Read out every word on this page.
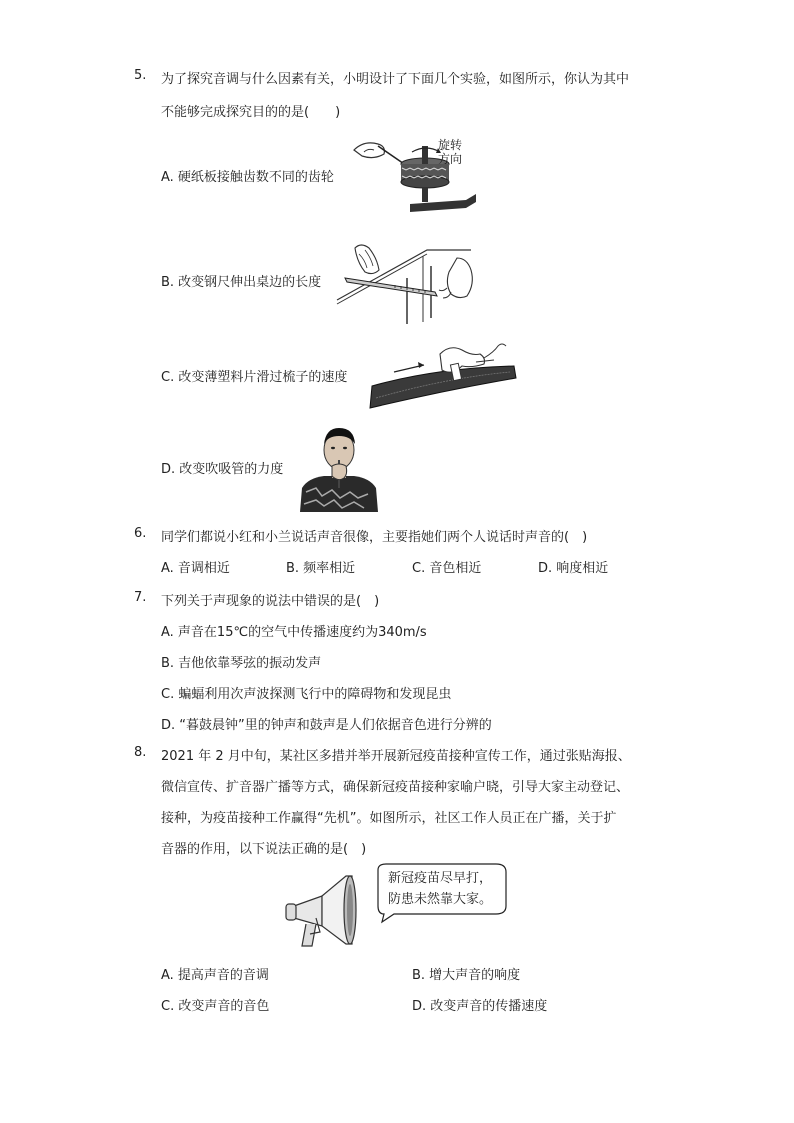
5. 为了探究音调与什么因素有关，小明设计了下面几个实验，如图所示，你认为其中
不能够完成探究目的的是(　　)
A. 硬纸板接触齿数不同的齿轮
B. 改变钢尺伸出桌边的长度
C. 改变薄塑料片滑过梳子的速度
D. 改变吹吸管的力度
旋转
方向
6. 同学们都说小红和小兰说话声音很像，主要指她们两个人说话时声音的(　)
A. 音调相近	B. 频率相近	C. 音色相近	D. 响度相近
7. 下列关于声现象的说法中错误的是(　)
A. 声音在15℃的空气中传播速度约为340m/s
B. 吉他依靠琴弦的振动发声
C. 蝙蝠利用次声波探测飞行中的障碍物和发现昆虫
D. “暮鼓晨钟”里的钟声和鼓声是人们依据音色进行分辨的
8. 2021 年 2 月中旬，某社区多措并举开展新冠疫苗接种宣传工作，通过张贴海报、
微信宣传、扩音器广播等方式，确保新冠疫苗接种家喻户晓，引导大家主动登记、
接种，为疫苗接种工作赢得“先机”。如图所示，社区工作人员正在广播，关于扩
音器的作用，以下说法正确的是(　)
新冠疫苗尽早打，
防患未然靠大家。
A. 提高声音的音调	B. 增大声音的响度
C. 改变声音的音色	D. 改变声音的传播速度
